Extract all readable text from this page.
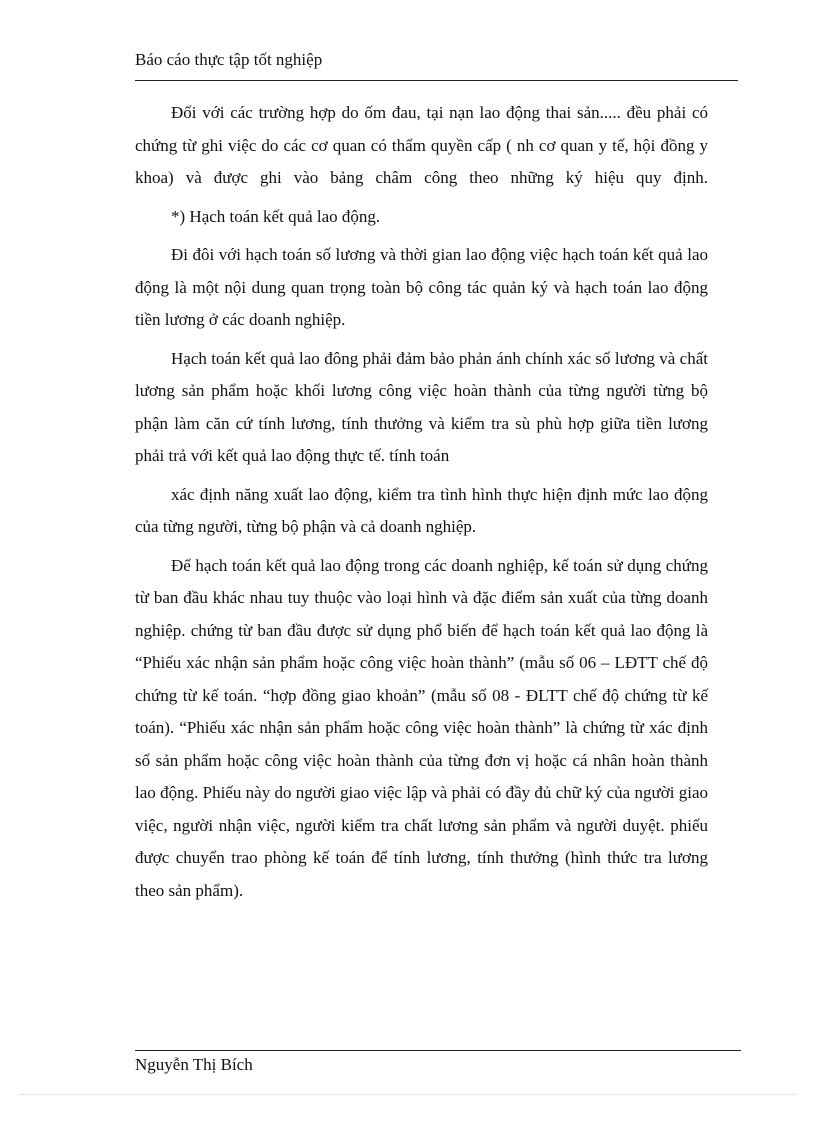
Báo cáo thực tập tốt nghiệp

Đối với các trường hợp do ốm đau, tại nạn lao động thai sản..... đều phải có chứng từ ghi việc do các cơ quan có thẩm quyền cấp ( nh cơ quan y tế, hội đồng y khoa) và được ghi vào bảng châm công theo những ký hiệu quy định.

*) Hạch toán kết quả lao động.

Đi đôi với hạch toán số lương và thời gian lao động việc hạch toán kết quả lao động là một nội dung quan trọng toàn bộ công tác quản ký và hạch toán lao động tiền lương ở các doanh nghiệp.

Hạch toán kết quả lao đông phải đảm bảo phản ánh chính xác số lương và chất lương sản phẩm hoặc khối lương công việc hoàn thành của từng người từng bộ phận làm căn cứ tính lương, tính thưởng và kiểm tra sù phù hợp giữa tiền lương phải trả với kết quả lao động thực tế. tính toán

xác định năng xuất lao động, kiểm tra tình hình thực hiện định mức lao động của từng người, từng bộ phận và cả doanh nghiệp.

Để hạch toán kết quả lao động trong các doanh nghiệp, kế toán sử dụng chứng từ ban đầu khác nhau tuy thuộc vào loại hình và đặc điểm sản xuất của từng doanh nghiệp. chứng từ ban đầu được sử dụng phổ biến để hạch toán kết quả lao động là “Phiếu xác nhận sản phẩm hoặc công việc hoàn thành” (mẫu số 06 – LĐTT chế độ chứng từ kế toán. “hợp đồng giao khoản” (mẫu số 08 - ĐLTT chế độ chứng từ kế toán). “Phiếu xác nhận sản phẩm hoặc công việc hoàn thành” là chứng từ xác định số sản phẩm hoặc công việc hoàn thành của từng đơn vị hoặc cá nhân hoàn thành lao động. Phiếu này do người giao việc lập và phải có đầy đủ chữ ký của người giao việc, người nhận việc, người kiểm tra chất lương sản phẩm và người duyệt. phiếu được chuyển trao phòng kế toán để tính lương, tính thưởng (hình thức tra lương theo sản phẩm).

Nguyễn Thị Bích
